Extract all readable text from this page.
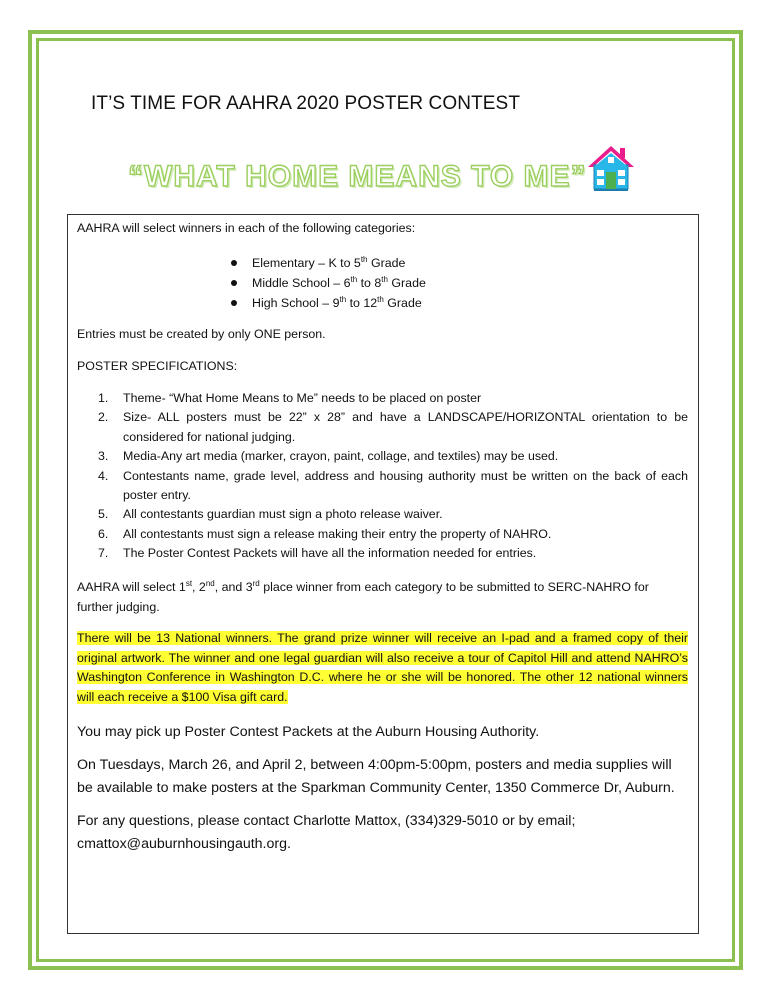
IT’S TIME FOR AAHRA 2020 POSTER CONTEST
“WHAT HOME MEANS TO ME”

AAHRA will select winners in each of the following categories:

Elementary – K to 5th Grade
Middle School – 6th to 8th Grade
High School – 9th to 12th Grade

Entries must be created by only ONE person.

POSTER SPECIFICATIONS:

1. Theme- “What Home Means to Me” needs to be placed on poster
2. Size- ALL posters must be 22” x 28” and have a LANDSCAPE/HORIZONTAL orientation to be considered for national judging.
3. Media-Any art media (marker, crayon, paint, collage, and textiles) may be used.
4. Contestants name, grade level, address and housing authority must be written on the back of each poster entry.
5. All contestants guardian must sign a photo release waiver.
6. All contestants must sign a release making their entry the property of NAHRO.
7. The Poster Contest Packets will have all the information needed for entries.

AAHRA will select 1st, 2nd, and 3rd place winner from each category to be submitted to SERC-NAHRO for further judging.

There will be 13 National winners. The grand prize winner will receive an I-pad and a framed copy of their original artwork. The winner and one legal guardian will also receive a tour of Capitol Hill and attend NAHRO’s Washington Conference in Washington D.C. where he or she will be honored. The other 12 national winners will each receive a $100 Visa gift card.

You may pick up Poster Contest Packets at the Auburn Housing Authority.

On Tuesdays, March 26, and April 2, between 4:00pm-5:00pm, posters and media supplies will be available to make posters at the Sparkman Community Center, 1350 Commerce Dr, Auburn.

For any questions, please contact Charlotte Mattox, (334)329-5010 or by email; cmattox@auburnhousingauth.org.
